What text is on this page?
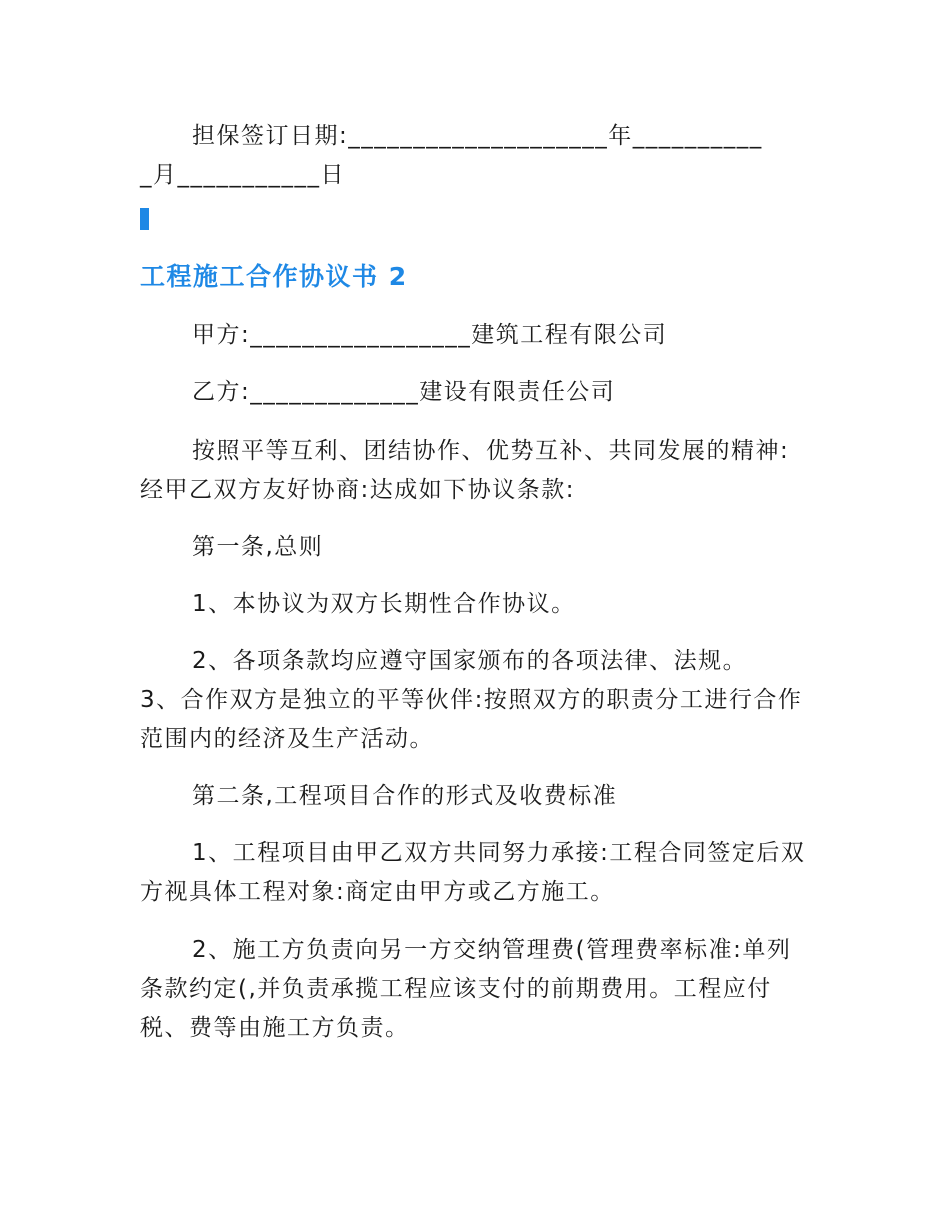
担保签订日期:____________________年__________

_月___________日

工程施工合作协议书 2

甲方:_________________建筑工程有限公司

乙方:_____________建设有限责任公司

按照平等互利、团结协作、优势互补、共同发展的精神:经甲乙双方友好协商:达成如下协议条款:

第一条,总则

1、本协议为双方长期性合作协议。

2、各项条款均应遵守国家颁布的各项法律、法规。

3、合作双方是独立的平等伙伴:按照双方的职责分工进行合作范围内的经济及生产活动。

第二条,工程项目合作的形式及收费标准

1、工程项目由甲乙双方共同努力承接:工程合同签定后双方视具体工程对象:商定由甲方或乙方施工。

2、施工方负责向另一方交纳管理费(管理费率标准:单列条款约定(,并负责承揽工程应该支付的前期费用。工程应付税、费等由施工方负责。
